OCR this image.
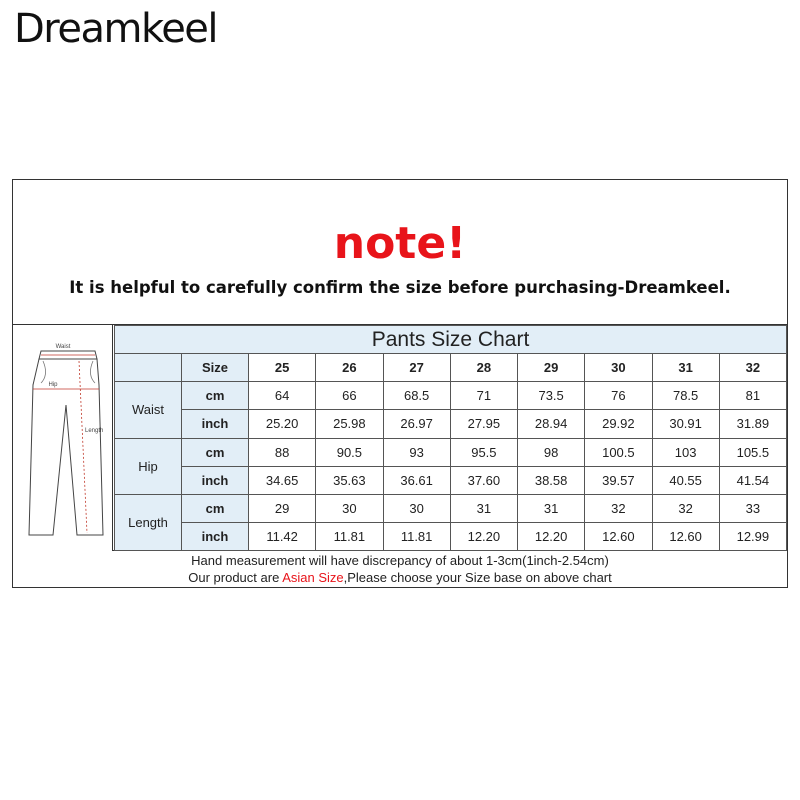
Dreamkeel
note!
It is helpful to carefully confirm the size before purchasing-Dreamkeel.
Waist
Hip
Length
Pants Size Chart									
	Size	25	26	27	28	29	30	31	32
Waist	cm	64	66	68.5	71	73.5	76	78.5	81
	inch	25.20	25.98	26.97	27.95	28.94	29.92	30.91	31.89
Hip	cm	88	90.5	93	95.5	98	100.5	103	105.5
	inch	34.65	35.63	36.61	37.60	38.58	39.57	40.55	41.54
Length	cm	29	30	30	31	31	32	32	33
	inch	11.42	11.81	11.81	12.20	12.20	12.60	12.60	12.99
Hand measurement will have discrepancy of about 1-3cm(1inch-2.54cm)
Our product are Asian Size,Please choose your Size base on above chart
